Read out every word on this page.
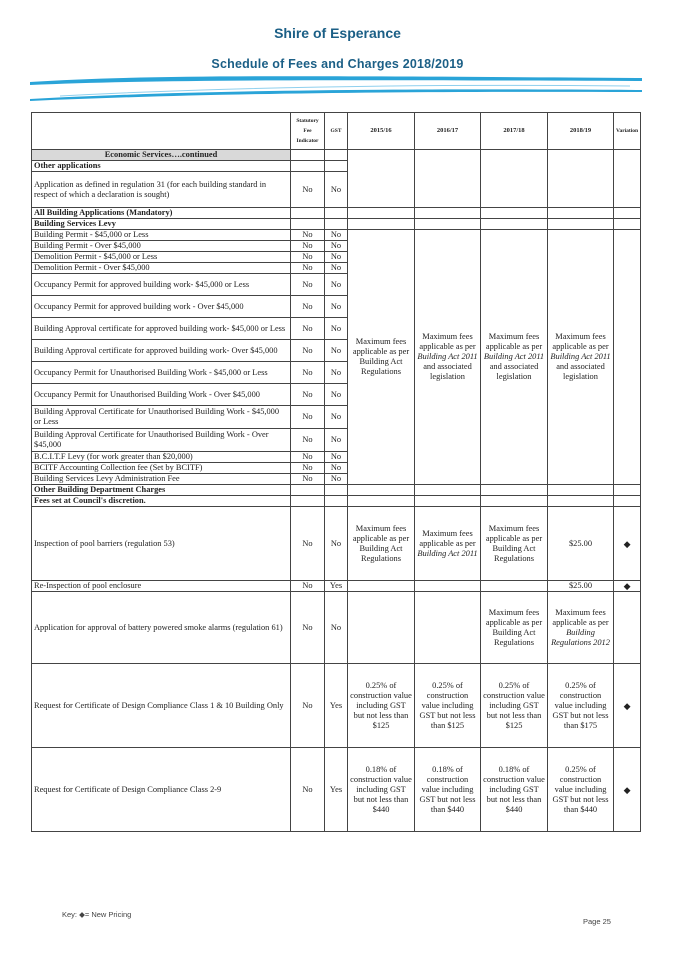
Shire of Esperance
Schedule of Fees and Charges 2018/2019
	Statutory Fee Indicator	GST	2015/16	2016/17	2017/18	2018/19	Variation
Economic Services….continued							
Other applications							
Application as defined in regulation 31 (for each building standard in respect of which a declaration is sought)	No	No					
All Building Applications (Mandatory)							
Building Services Levy							
Building Permit - $45,000 or Less	No	No	Maximum fees applicable as per Building Act Regulations	Maximum fees applicable as per Building Act 2011 and associated legislation	Maximum fees applicable as per Building Act 2011 and associated legislation	Maximum fees applicable as per Building Act 2011 and associated legislation	
Building Permit - Over $45,000	No	No					
Demolition Permit - $45,000 or Less	No	No					
Demolition Permit - Over $45,000	No	No					
Occupancy Permit for approved building work- $45,000 or Less	No	No					
Occupancy Permit for approved building work - Over $45,000	No	No					
Building Approval certificate for approved building work- $45,000 or Less	No	No					
Building Approval certificate for approved building work- Over $45,000	No	No					
Occupancy Permit for Unauthorised Building Work - $45,000 or Less	No	No					
Occupancy Permit for Unauthorised Building Work - Over $45,000	No	No					
Building Approval Certificate for Unauthorised Building Work - $45,000 or Less	No	No					
Building Approval Certificate for Unauthorised Building Work - Over $45,000	No	No					
B.C.I.T.F Levy (for work greater than $20,000)	No	No					
BCITF Accounting Collection fee (Set by BCITF)	No	No					
Building Services Levy Administration Fee	No	No					
Other Building Department Charges							
Fees set at Council's discretion.							
Inspection of pool barriers (regulation 53)	No	No	Maximum fees applicable as per Building Act Regulations	Maximum fees applicable as per Building Act 2011	Maximum fees applicable as per Building Act Regulations	$25.00	◆
Re-Inspection of pool enclosure	No	Yes				$25.00	◆
Application for approval of battery powered smoke alarms (regulation 61)	No	No			Maximum fees applicable as per Building Act Regulations	Maximum fees applicable as per Building Regulations 2012	
Request for Certificate of Design Compliance Class 1 & 10 Building Only	No	Yes	0.25% of construction value including GST but not less than $125	0.25% of construction value including GST but not less than $125	0.25% of construction value including GST but not less than $125	0.25% of construction value including GST but not less than $175	◆
Request for Certificate of Design Compliance Class 2-9	No	Yes	0.18% of construction value including GST but not less than $440	0.18% of construction value including GST but not less than $440	0.18% of construction value including GST but not less than $440	0.25% of construction value including GST but not less than $440	◆
Key: ◆= New Pricing
Page 25
